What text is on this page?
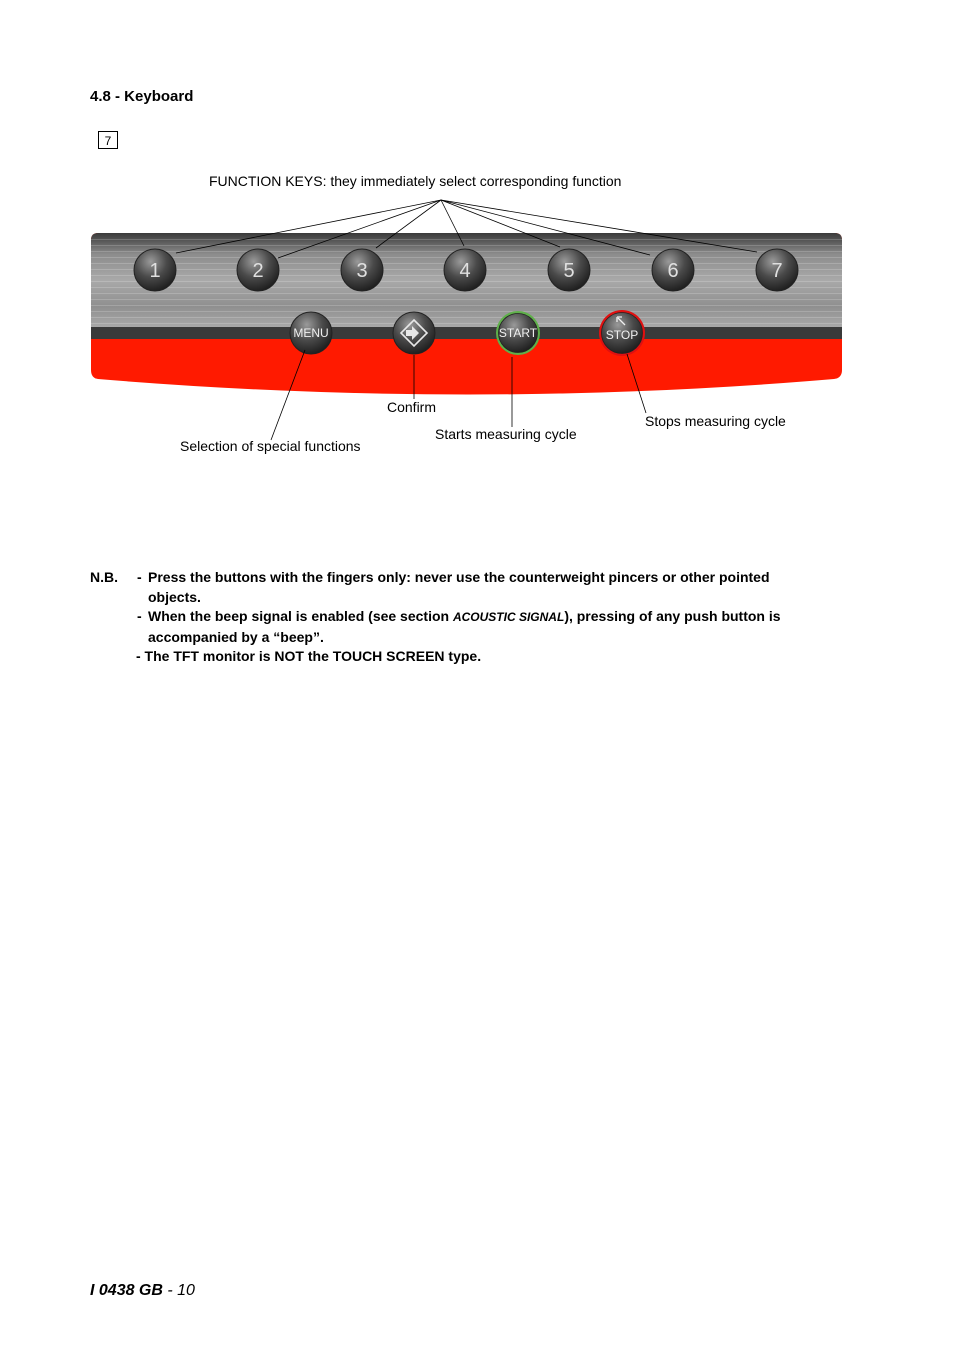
4.8 - Keyboard
7
FUNCTION KEYS: they immediately select corresponding function
1	2	3	4	5	6	7
MENU	START	STOP
Confirm
Selection of special functions
Starts measuring cycle
Stops measuring cycle
N.B. - Press the buttons with the fingers only: never use the counterweight pincers or other pointed objects.
- When the beep signal is enabled (see section ACOUSTIC SIGNAL), pressing of any push button is accompanied by a “beep”.
- The TFT monitor is NOT the TOUCH SCREEN type.
I 0438 GB - 10
